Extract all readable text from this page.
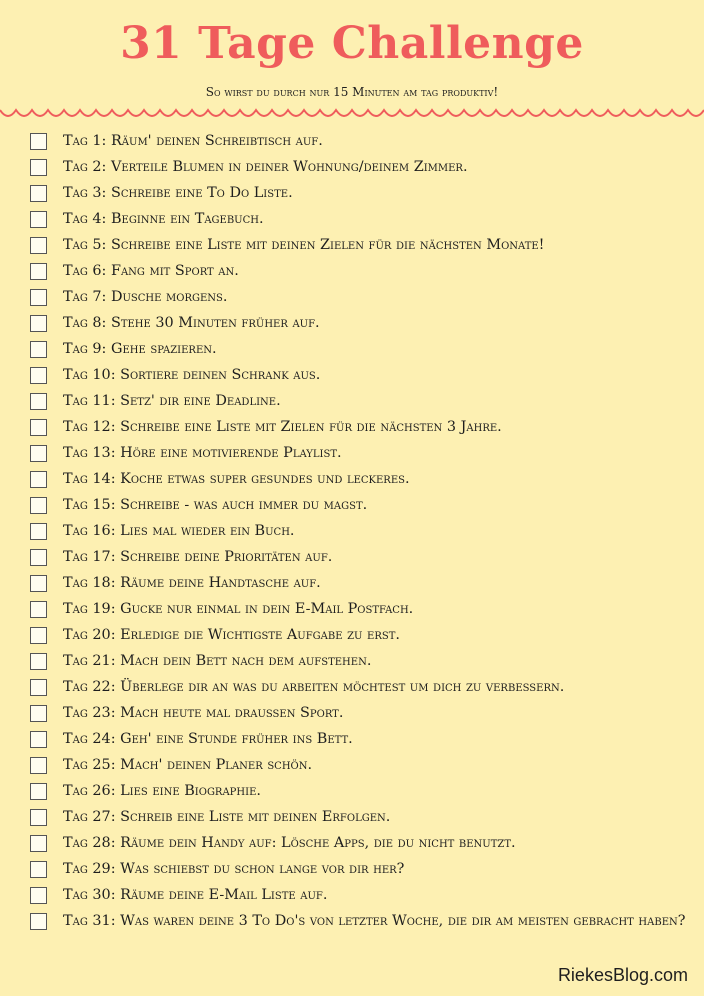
31 Tage Challenge
So wirst du durch nur 15 Minuten am tag produktiv!
Tag 1: Räum' deinen Schreibtisch auf.
Tag 2: Verteile Blumen in deiner Wohnung/deinem Zimmer.
Tag 3: Schreibe eine To Do Liste.
Tag 4: Beginne ein Tagebuch.
Tag 5: Schreibe eine Liste mit deinen Zielen für die nächsten Monate!
Tag 6: Fang mit Sport an.
Tag 7: Dusche morgens.
Tag 8: Stehe 30 Minuten früher auf.
Tag 9: Gehe spazieren.
Tag 10: Sortiere deinen Schrank aus.
Tag 11: Setz' dir eine Deadline.
Tag 12: Schreibe eine Liste mit Zielen für die nächsten 3 Jahre.
Tag 13: Höre eine motivierende Playlist.
Tag 14: Koche etwas super gesundes und leckeres.
Tag 15: Schreibe - was auch immer du magst.
Tag 16: Lies mal wieder ein Buch.
Tag 17: Schreibe deine Prioritäten auf.
Tag 18: Räume deine Handtasche auf.
Tag 19: Gucke nur einmal in dein E-Mail Postfach.
Tag 20: Erledige die Wichtigste Aufgabe zu erst.
Tag 21: Mach dein Bett nach dem aufstehen.
Tag 22: Überlege dir an was du arbeiten möchtest um dich zu verbessern.
Tag 23: Mach heute mal draussen Sport.
Tag 24: Geh' eine Stunde früher ins Bett.
Tag 25: Mach' deinen Planer schön.
Tag 26: Lies eine Biographie.
Tag 27: Schreib eine Liste mit deinen Erfolgen.
Tag 28: Räume dein Handy auf: Lösche Apps, die du nicht benutzt.
Tag 29: Was schiebst du schon lange vor dir her?
Tag 30: Räume deine E-Mail Liste auf.
Tag 31: Was waren deine 3 To Do's von letzter Woche, die dir am meisten gebracht haben?
RiekesBlog.com
